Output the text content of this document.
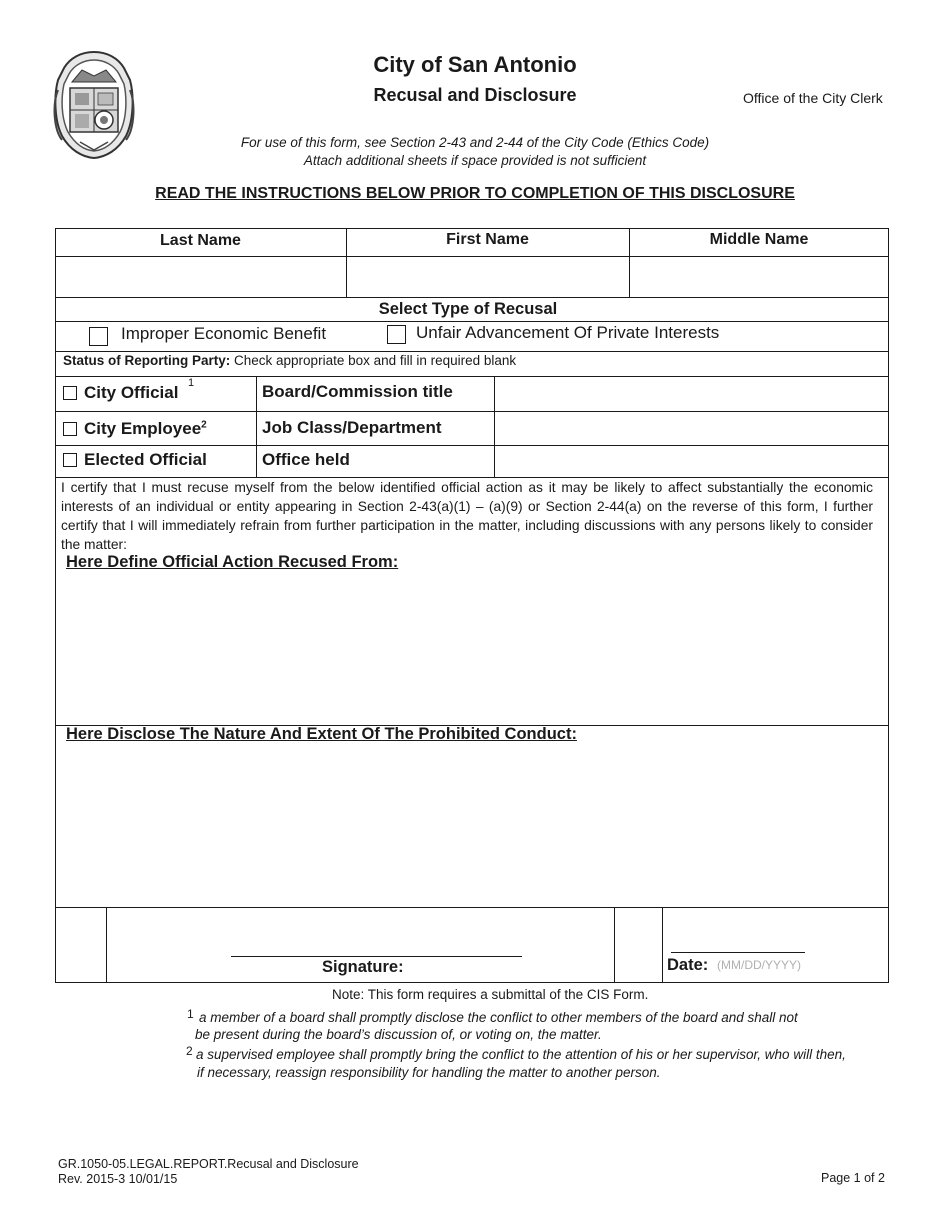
City of San Antonio
Recusal and Disclosure	Office of the City Clerk
For use of this form, see Section 2-43 and 2-44 of the City Code (Ethics Code)
Attach additional sheets if space provided is not sufficient
READ THE INSTRUCTIONS BELOW PRIOR TO COMPLETION OF THIS DISCLOSURE
Last Name	First Name	Middle Name
Select Type of Recusal
Improper Economic Benefit	Unfair Advancement Of Private Interests
Status of Reporting Party: Check appropriate box and fill in required blank
City Official 1	Board/Commission title
City Employee$^2$	Job Class/Department
Elected Official	Office held
I certify that I must recuse myself from the below identified official action as it may be likely to affect substantially the economic interests of an individual or entity appearing in Section 2-43(a)(1) – (a)(9) or Section 2-44(a) on the reverse of this form, I further certify that I will immediately refrain from further participation in the matter, including discussions with any persons likely to consider the matter:
Here Define Official Action Recused From:
Here Disclose The Nature And Extent Of The Prohibited Conduct:
Signature:	Date: (MM/DD/YYYY)
Note: This form requires a submittal of the CIS Form.
1 a member of a board shall promptly disclose the conflict to other members of the board and shall not
be present during the board’s discussion of, or voting on, the matter.
2 a supervised employee shall promptly bring the conflict to the attention of his or her supervisor, who will then,
if necessary, reassign responsibility for handling the matter to another person.
GR.1050-05.LEGAL.REPORT.Recusal and Disclosure
Rev. 2015-3 10/01/15	Page 1 of 2
